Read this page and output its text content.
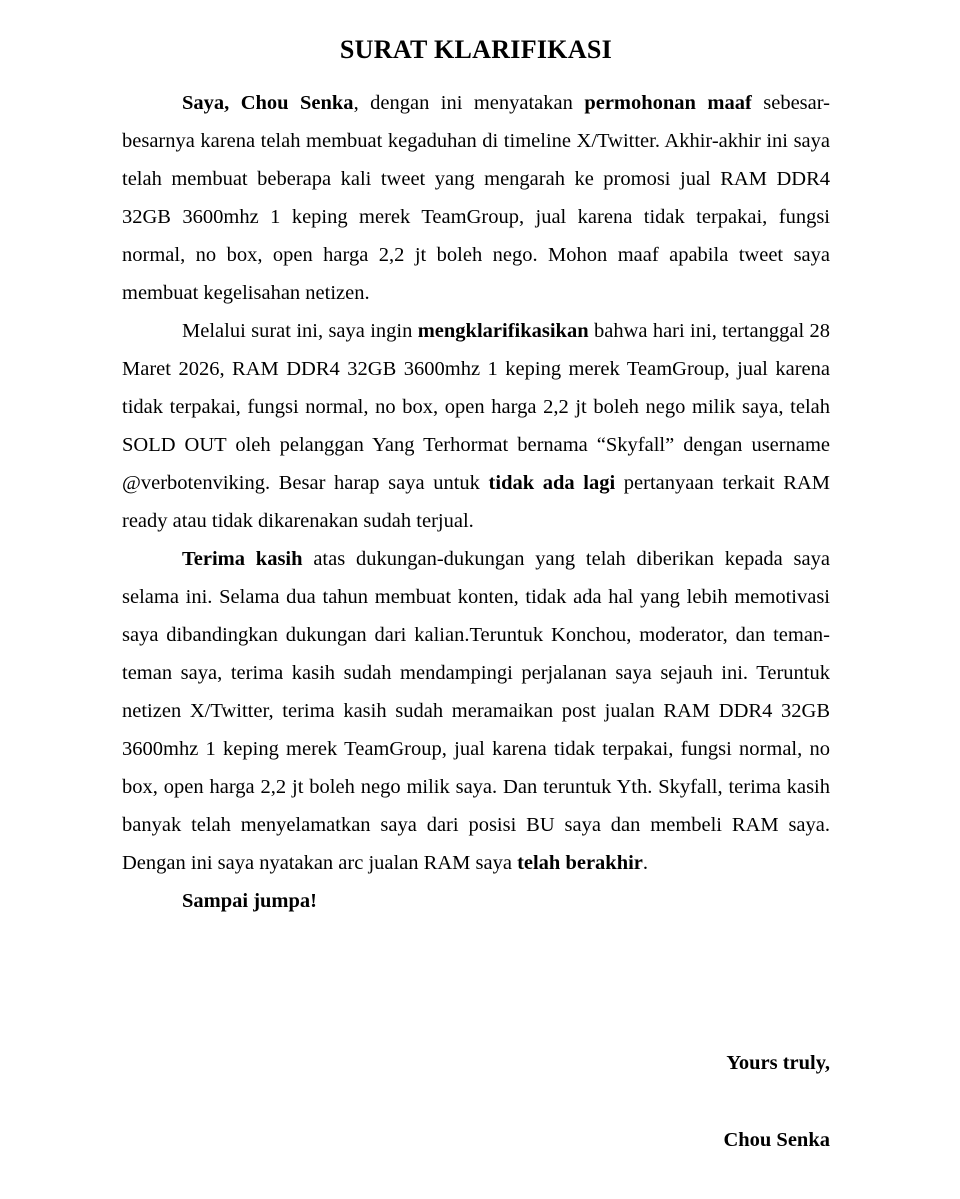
SURAT KLARIFIKASI

Saya, Chou Senka, dengan ini menyatakan permohonan maaf sebesar-besarnya karena telah membuat kegaduhan di timeline X/Twitter. Akhir-akhir ini saya telah membuat beberapa kali tweet yang mengarah ke promosi jual RAM DDR4 32GB 3600mhz 1 keping merek TeamGroup, jual karena tidak terpakai, fungsi normal, no box, open harga 2,2 jt boleh nego. Mohon maaf apabila tweet saya membuat kegelisahan netizen.

Melalui surat ini, saya ingin mengklarifikasikan bahwa hari ini, tertanggal 28 Maret 2026, RAM DDR4 32GB 3600mhz 1 keping merek TeamGroup, jual karena tidak terpakai, fungsi normal, no box, open harga 2,2 jt boleh nego milik saya, telah SOLD OUT oleh pelanggan Yang Terhormat bernama “Skyfall” dengan username @verbotenviking. Besar harap saya untuk tidak ada lagi pertanyaan terkait RAM ready atau tidak dikarenakan sudah terjual.

Terima kasih atas dukungan-dukungan yang telah diberikan kepada saya selama ini. Selama dua tahun membuat konten, tidak ada hal yang lebih memotivasi saya dibandingkan dukungan dari kalian.Teruntuk Konchou, moderator, dan teman-teman saya, terima kasih sudah mendampingi perjalanan saya sejauh ini. Teruntuk netizen X/Twitter, terima kasih sudah meramaikan post jualan RAM DDR4 32GB 3600mhz 1 keping merek TeamGroup, jual karena tidak terpakai, fungsi normal, no box, open harga 2,2 jt boleh nego milik saya. Dan teruntuk Yth. Skyfall, terima kasih banyak telah menyelamatkan saya dari posisi BU saya dan membeli RAM saya. Dengan ini saya nyatakan arc jualan RAM saya telah berakhir.

Sampai jumpa!

Yours truly,
Chou Senka
